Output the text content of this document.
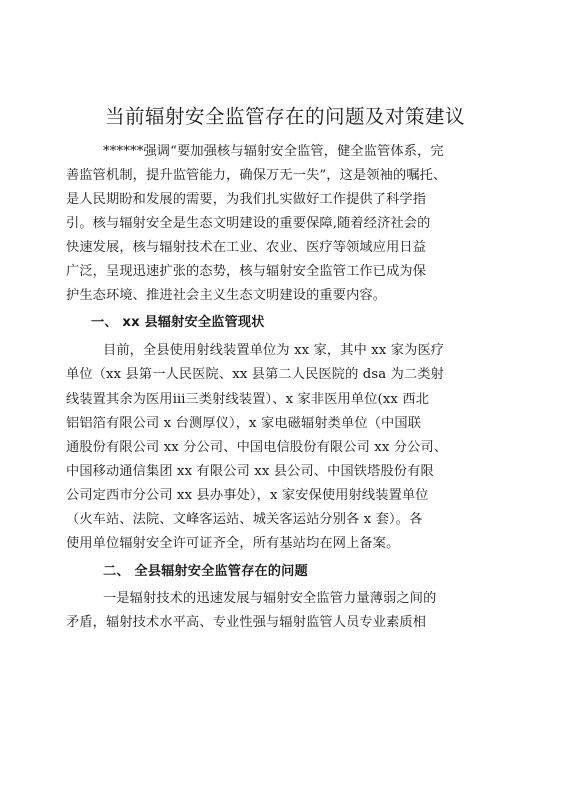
当前辐射安全监管存在的问题及对策建议
******强调“要加强核与辐射安全监管，健全监管体系，完
善监管机制，提升监管能力，确保万无一失”，这是领袖的嘱托、
是人民期盼和发展的需要，为我们扎实做好工作提供了科学指
引。核与辐射安全是生态文明建设的重要保障,随着经济社会的
快速发展，核与辐射技术在工业、农业、医疗等领域应用日益
广泛，呈现迅速扩张的态势，核与辐射安全监管工作已成为保
护生态环境、推进社会主义生态文明建设的重要内容。
一、 xx 县辐射安全监管现状
目前，全县使用射线装置单位为 xx 家，其中 xx 家为医疗
单位（xx 县第一人民医院、xx 县第二人民医院的 dsa 为二类射
线装置其余为医用ⅲ三类射线装置）、x 家非医用单位(xx 西北
铝铝箔有限公司 x 台测厚仪），x 家电磁辐射类单位（中国联
通股份有限公司 xx 分公司、中国电信股份有限公司 xx 分公司、
中国移动通信集团 xx 有限公司 xx 县公司、中国铁塔股份有限
公司定西市分公司 xx 县办事处），x 家安保使用射线装置单位
（火车站、法院、文峰客运站、城关客运站分别各 x 套）。各
使用单位辐射安全许可证齐全，所有基站均在网上备案。
二、 全县辐射安全监管存在的问题
一是辐射技术的迅速发展与辐射安全监管力量薄弱之间的
矛盾，辐射技术水平高、专业性强与辐射监管人员专业素质相
